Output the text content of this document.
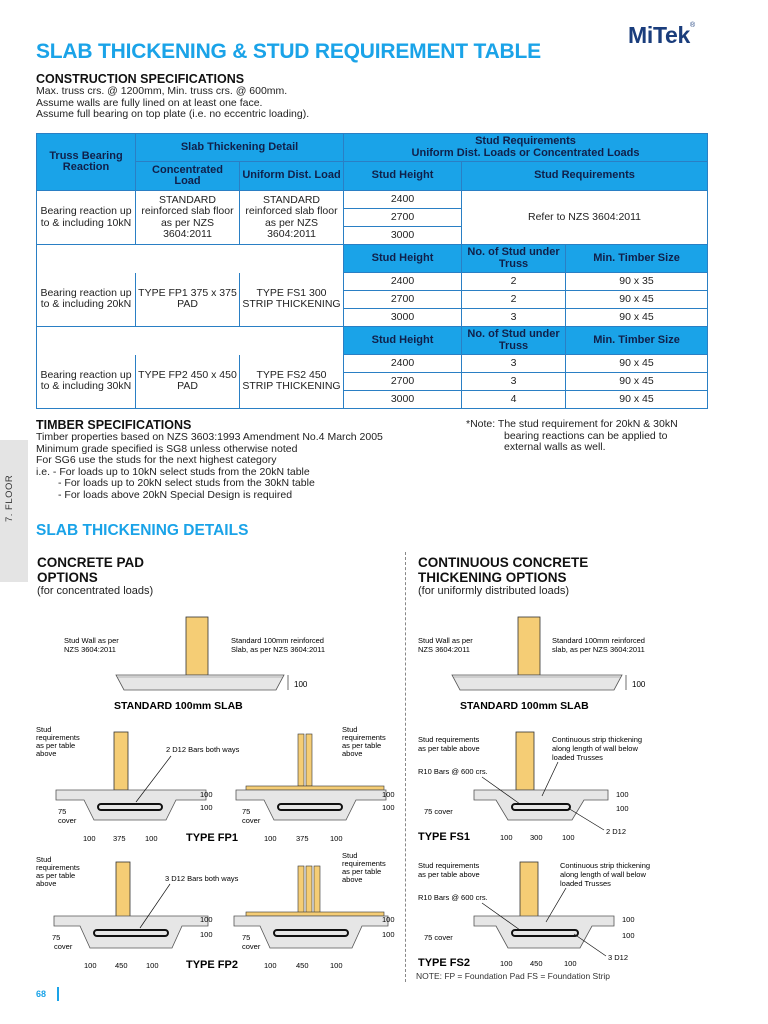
MiTek®
SLAB THICKENING & STUD REQUIREMENT TABLE
CONSTRUCTION SPECIFICATIONS
Max. truss crs. @ 1200mm, Min. truss crs. @ 600mm.
Assume walls are fully lined on at least one face.
Assume full bearing on top plate (i.e. no eccentric loading).
Truss Bearing Reaction	Slab Thickening Detail		Stud Requirements
Uniform Dist. Loads or Concentrated Loads		

	Concentrated Load	Uniform Dist. Load	Stud Height	Stud Requirements	
Bearing reaction up to & including 10kN	STANDARD reinforced slab floor as per NZS 3604:2011	STANDARD reinforced slab floor as per NZS 3604:2011	2400	Refer to NZS 3604:2011	
			2700		
			3000		
			Stud Height	No. of Stud under Truss	Min. Timber Size
Bearing reaction up to & including 20kN	TYPE FP1 375 x 375 PAD	TYPE FS1 300 STRIP THICKENING	2400	2	90 x 35
			2700	2	90 x 45
			3000	3	90 x 45
			Stud Height	No. of Stud under Truss	Min. Timber Size
Bearing reaction up to & including 30kN	TYPE FP2 450 x 450 PAD	TYPE FS2 450 STRIP THICKENING	2400	3	90 x 45
			2700	3	90 x 45
			3000	4	90 x 45
TIMBER SPECIFICATIONS
Timber properties based on NZS 3603:1993 Amendment No.4 March 2005
Minimum grade specified is SG8 unless otherwise noted
For SG6 use the studs for the next highest category
i.e. - For loads up to 10kN select studs from the 20kN table
- For loads up to 20kN select studs from the 30kN table
- For loads above 20kN Special Design is required
*Note: The stud requirement for 20kN & 30kN
bearing reactions can be applied to
external walls as well.
7. FLOOR
SLAB THICKENING DETAILS
CONCRETE PAD
OPTIONS
(for concentrated loads)
CONTINUOUS CONCRETE
THICKENING OPTIONS
(for uniformly distributed loads)
100
Stud Wall as per
NZS 3604:2011
Standard 100mm reinforced
Slab, as per NZS 3604:2011
STANDARD 100mm SLAB
100
Stud Wall as per
NZS 3604:2011
Standard 100mm reinforced
slab, as per NZS 3604:2011
STANDARD 100mm SLAB
Stud
requirements
as per table
above
75
cover
100 375	100
100
100
2 D12 Bars both ways
Stud
requirements
as per table
above
75
cover
100	375	100
100
100
TYPE FP1
Stud
requirements
as per table
above
75
cover
100 450 100
100
100
3 D12 Bars both ways
Stud
requirements
as per table
above
75
cover
100	450	100
100
100
TYPE FP2
Stud requirements
as per table above
Continuous strip thickening
along length of wall below
loaded Trusses
R10 Bars @ 600 crs.
75 cover
100
100
2 D12
TYPE FS1	100 300	100
Stud requirements
as per table above
Continuous strip thickening
along length of wall below
loaded Trusses
R10 Bars @ 600 crs.
75 cover
100
100
3 D12
TYPE FS2	100 450	100
NOTE: FP = Foundation Pad FS = Foundation Strip
68
